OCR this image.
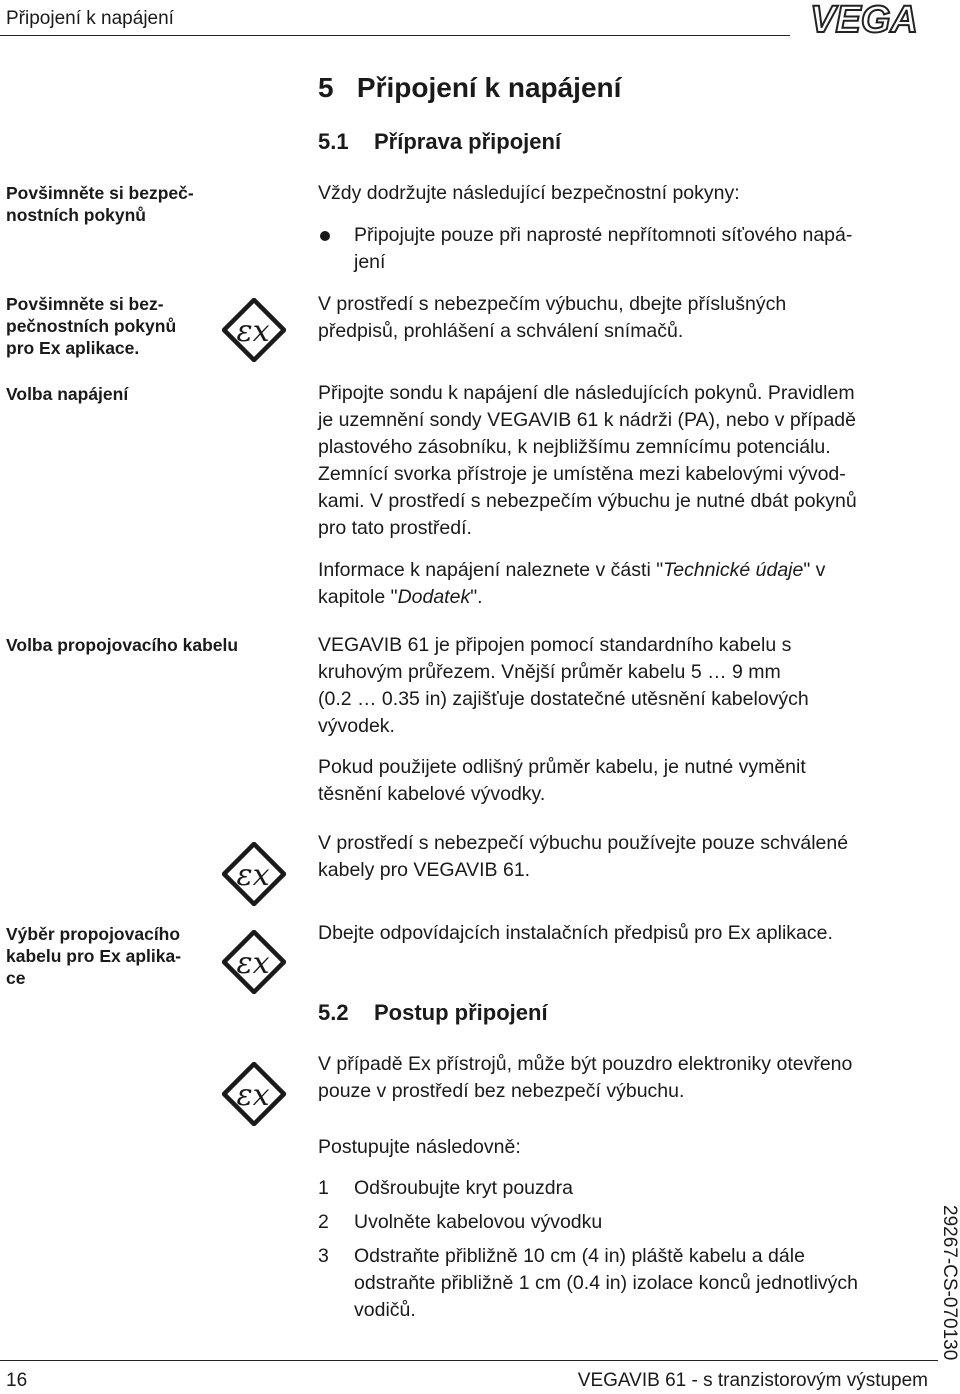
Připojení k napájení	VEGA
5   Připojení k napájení
5.1 Příprava připojení
Povšimněte si bezpeč-
nostních pokynů
Povšimněte si bez-
pečnostních pokynů
pro Ex aplikace.
Volba napájení
Volba propojovacího kabelu
Výběr propojovacího
kabelu pro Ex aplika-
ce
εx
εx
εx
εx
Vždy dodržujte následující bezpečnostní pokyny:
Připojujte pouze při naprosté nepřítomnoti síťového napá-
jení
V prostředí s nebezpečím výbuchu, dbejte příslušných
předpisů, prohlášení a schválení snímačů.
Připojte sondu k napájení dle následujících pokynů. Pravidlem
je uzemnění sondy VEGAVIB 61 k nádrži (PA), nebo v případě
plastového zásobníku, k nejbližšímu zemnícímu potenciálu.
Zemnící svorka přístroje je umístěna mezi kabelovými vývod-
kami. V prostředí s nebezpečím výbuchu je nutné dbát pokynů
pro tato prostředí.
Informace k napájení naleznete v části "Technické údaje" v
kapitole "Dodatek".
VEGAVIB 61 je připojen pomocí standardního kabelu s
kruhovým průřezem. Vnější průměr kabelu 5 … 9 mm
(0.2 … 0.35 in) zajišťuje dostatečné utěsnění kabelových
vývodek.
Pokud použijete odlišný průměr kabelu, je nutné vyměnit
těsnění kabelové vývodky.
V prostředí s nebezpečí výbuchu používejte pouze schválené
kabely pro VEGAVIB 61.
Dbejte odpovídajcích instalačních předpisů pro Ex aplikace.
5.2 Postup připojení
V případě Ex přístrojů, může být pouzdro elektroniky otevřeno
pouze v prostředí bez nebezpečí výbuchu.
Postupujte následovně:
1 Odšroubujte kryt pouzdra
2 Uvolněte kabelovou vývodku
3 Odstraňte přibližně 10 cm (4 in) pláště kabelu a dále
odstraňte přibližně 1 cm (0.4 in) izolace konců jednotlivých
vodičů.	29267-CS-070130
16	VEGAVIB 61 - s tranzistorovým výstupem
